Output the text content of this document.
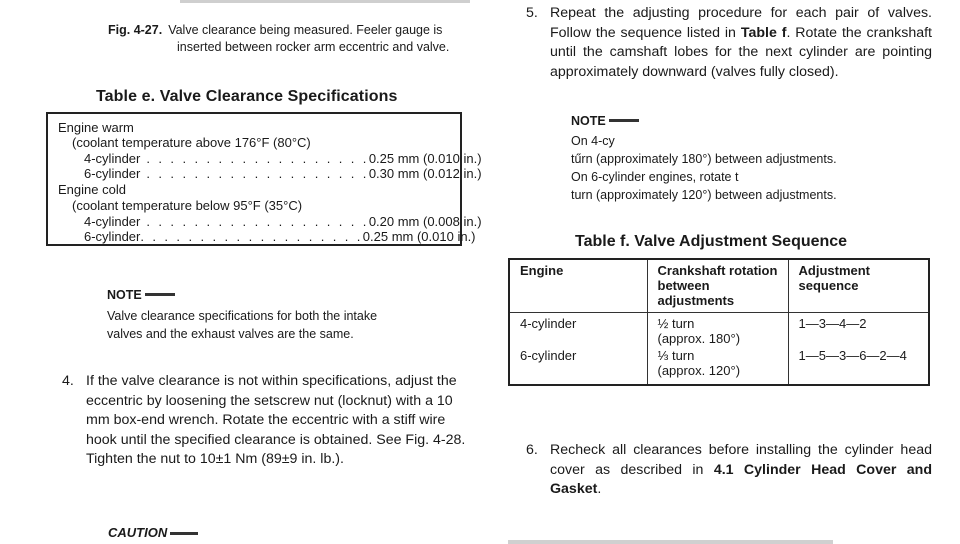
Fig. 4-27. Valve clearance being measured. Feeler gauge is
inserted between rocker arm eccentric and valve.
Table e. Valve Clearance Specifications
Engine warm
(coolant temperature above 176°F (80°C)
4-cylinder . . . . . . . . . . . . . . . . . . .0.25 mm (0.010 in.)
6-cylinder . . . . . . . . . . . . . . . . . . .0.30 mm (0.012 in.)
Engine cold
(coolant temperature below 95°F (35°C)
4-cylinder . . . . . . . . . . . . . . . . . . .0.20 mm (0.008 in.)
6-cylinder. . . . . . . . . . . . . . . . . . .0.25 mm (0.010 in.)
NOTE
Valve clearance specifications for both the intake
valves and the exhaust valves are the same.
4. If the valve clearance is not within specifications, adjust the eccentric by loosening the setscrew nut (locknut) with a 10 mm box-end wrench. Rotate the eccentric with a stiff wire hook until the specified clearance is obtained. See Fig. 4-28. Tighten the nut to 10±1 Nm (89±9 in. lb.).
CAUTION
5. Repeat the adjusting procedure for each pair of valves. Follow the sequence listed in Table f. Rotate the crankshaft until the camshaft lobes for the next cylinder are pointing approximately downward (valves fully closed).
NOTE
On 4-cy
tűrn (approximately 180°) between adjustments.
On 6-cylinder engines, rotate t
turn (approximately 120°) between adjustments.
Table f. Valve Adjustment Sequence
Engine	Crankshaft rotation between adjustments	Adjustment sequence
4-cylinder	½ turn
(approx. 180°)	1—3—4—2
6-cylinder	⅓ turn
(approx. 120°)	1—5—3—6—2—4
6. Recheck all clearances before installing the cylinder head cover as described in 4.1 Cylinder Head Cover and Gasket.
